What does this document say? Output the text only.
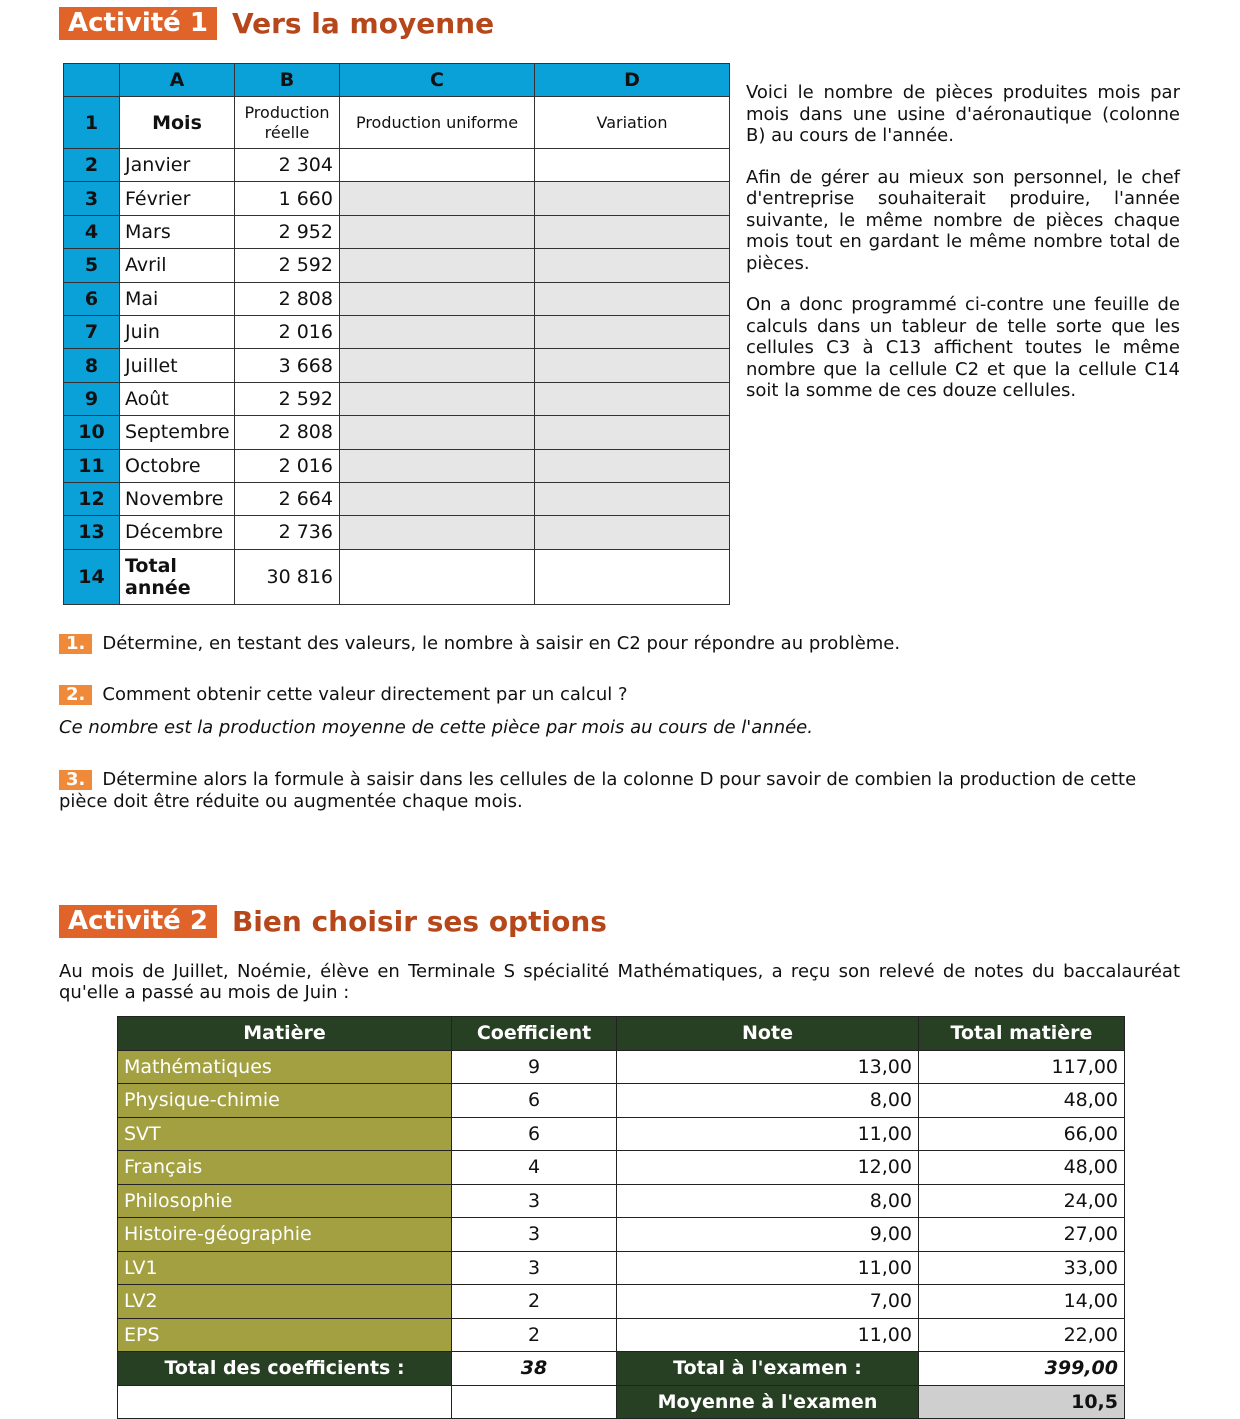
Activité 1 Vers la moyenne
	A	B	C	D
1	Mois	Production réelle	Production uniforme	Variation
2	Janvier	2 304		
3	Février	1 660		
4	Mars	2 952		
5	Avril	2 592		
6	Mai	2 808		
7	Juin	2 016		
8	Juillet	3 668		
9	Août	2 592		
10	Septembre	2 808		
11	Octobre	2 016		
12	Novembre	2 664		
13	Décembre	2 736		
14	Total année	30 816		

Voici le nombre de pièces produites mois par mois dans une usine d'aéronautique (colonne B) au cours de l'année.

Afin de gérer au mieux son personnel, le chef d'entreprise souhaiterait produire, l'année suivante, le même nombre de pièces chaque mois tout en gardant le même nombre total de pièces.

On a donc programmé ci-contre une feuille de calculs dans un tableur de telle sorte que les cellules C3 à C13 affichent toutes le même nombre que la cellule C2 et que la cellule C14 soit la somme de ces douze cellules.

1. Détermine, en testant des valeurs, le nombre à saisir en C2 pour répondre au problème.
2. Comment obtenir cette valeur directement par un calcul ?
Ce nombre est la production moyenne de cette pièce par mois au cours de l'année.
3. Détermine alors la formule à saisir dans les cellules de la colonne D pour savoir de combien la production de cette pièce doit être réduite ou augmentée chaque mois.
Activité 2 Bien choisir ses options
Au mois de Juillet, Noémie, élève en Terminale S spécialité Mathématiques, a reçu son relevé de notes du baccalauréat qu'elle a passé au mois de Juin :
Matière	Coefficient	Note	Total matière
Mathématiques	9	13,00	117,00
Physique-chimie	6	8,00	48,00
SVT	6	11,00	66,00
Français	4	12,00	48,00
Philosophie	3	8,00	24,00
Histoire-géographie	3	9,00	27,00
LV1	3	11,00	33,00
LV2	2	7,00	14,00
EPS	2	11,00	22,00
Total des coefficients :	38	Total à l'examen :	399,00
		Moyenne à l'examen	10,5
